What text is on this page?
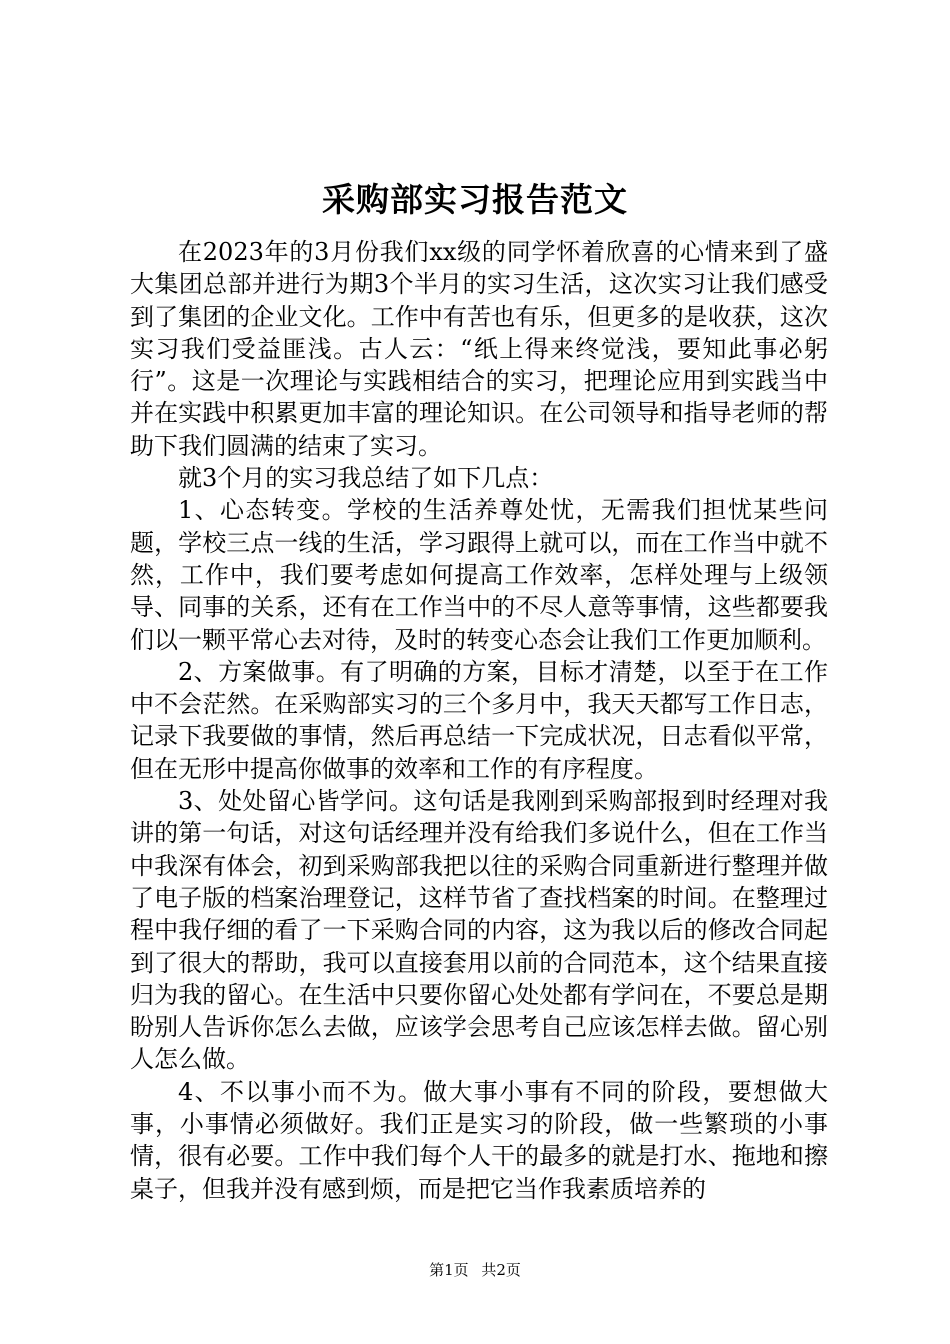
采购部实习报告范文

在2023年的3月份我们xx级的同学怀着欣喜的心情来到了盛大集团总部并进行为期3个半月的实习生活，这次实习让我们感受到了集团的企业文化。工作中有苦也有乐，但更多的是收获，这次实习我们受益匪浅。古人云：“纸上得来终觉浅，要知此事必躬行”。这是一次理论与实践相结合的实习，把理论应用到实践当中并在实践中积累更加丰富的理论知识。在公司领导和指导老师的帮助下我们圆满的结束了实习。

就3个月的实习我总结了如下几点：

1、心态转变。学校的生活养尊处忧，无需我们担忧某些问题，学校三点一线的生活，学习跟得上就可以，而在工作当中就不然，工作中，我们要考虑如何提高工作效率，怎样处理与上级领导、同事的关系，还有在工作当中的不尽人意等事情，这些都要我们以一颗平常心去对待，及时的转变心态会让我们工作更加顺利。

2、方案做事。有了明确的方案，目标才清楚，以至于在工作中不会茫然。在采购部实习的三个多月中，我天天都写工作日志，记录下我要做的事情，然后再总结一下完成状况，日志看似平常，但在无形中提高你做事的效率和工作的有序程度。

3、处处留心皆学问。这句话是我刚到采购部报到时经理对我讲的第一句话，对这句话经理并没有给我们多说什么，但在工作当中我深有体会，初到采购部我把以往的采购合同重新进行整理并做了电子版的档案治理登记，这样节省了查找档案的时间。在整理过程中我仔细的看了一下采购合同的内容，这为我以后的修改合同起到了很大的帮助，我可以直接套用以前的合同范本，这个结果直接归为我的留心。在生活中只要你留心处处都有学问在，不要总是期盼别人告诉你怎么去做，应该学会思考自己应该怎样去做。留心别人怎么做。

4、不以事小而不为。做大事小事有不同的阶段，要想做大事，小事情必须做好。我们正是实习的阶段，做一些繁琐的小事情，很有必要。工作中我们每个人干的最多的就是打水、拖地和擦桌子，但我并没有感到烦，而是把它当作我素质培养的

第1页 共2页
